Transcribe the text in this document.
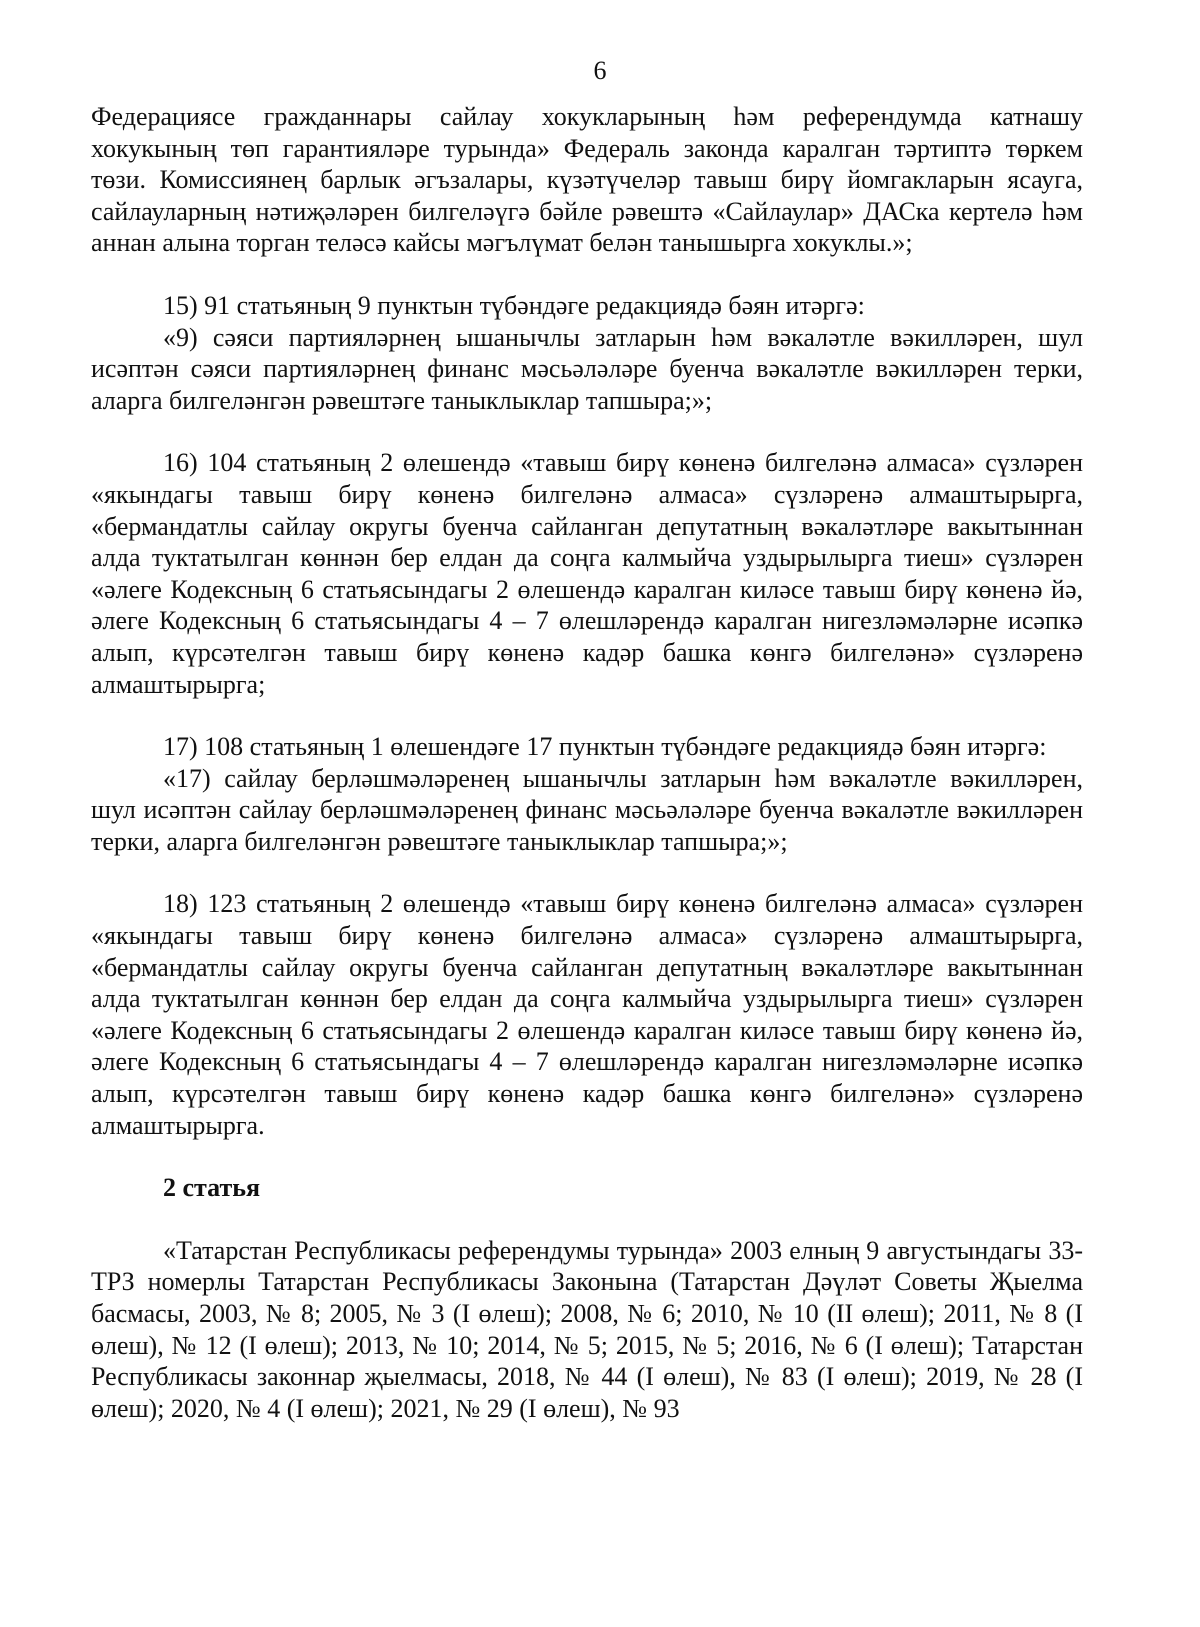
6

Федерациясе гражданнары сайлау хокукларының һәм референдумда катнашу хокукының төп гарантияләре турында» Федераль законда каралган тәртиптә төркем төзи. Комиссиянең барлык әгъзалары, күзәтүчеләр тавыш бирү йомгакларын ясауга, сайлауларның нәтиҗәләрен билгеләүгә бәйле рәвештә «Сайлаулар» ДАСка кертелә һәм аннан алына торган теләсә кайсы мәгълүмат белән танышырга хокуклы.»;

15) 91 статьяның 9 пунктын түбәндәге редакциядә бәян итәргә:

«9) сәяси партияләрнең ышанычлы затларын һәм вәкаләтле вәкилләрен, шул исәптән сәяси партияләрнең финанс мәсьәләләре буенча вәкаләтле вәкилләрен терки, аларга билгеләнгән рәвештәге таныклыклар тапшыра;»;

16) 104 статьяның 2 өлешендә «тавыш бирү көненә билгеләнә алмаса» сүзләрен «якындагы тавыш бирү көненә билгеләнә алмаса» сүзләренә алмаштырырга, «бермандатлы сайлау округы буенча сайланган депутатның вәкаләтләре вакытыннан алда туктатылган көннән бер елдан да соңга калмыйча уздырылырга тиеш» сүзләрен «әлеге Кодексның 6 статьясындагы 2 өлешендә каралган киләсе тавыш бирү көненә йә, әлеге Кодексның 6 статьясындагы 4 – 7 өлешләрендә каралган нигезләмәләрне исәпкә алып, күрсәтелгән тавыш бирү көненә кадәр башка көнгә билгеләнә» сүзләренә алмаштырырга;

17) 108 статьяның 1 өлешендәге 17 пунктын түбәндәге редакциядә бәян итәргә:

«17) сайлау берләшмәләренең ышанычлы затларын һәм вәкаләтле вәкилләрен, шул исәптән сайлау берләшмәләренең финанс мәсьәләләре буенча вәкаләтле вәкилләрен терки, аларга билгеләнгән рәвештәге таныклыклар тапшыра;»;

18) 123 статьяның 2 өлешендә «тавыш бирү көненә билгеләнә алмаса» сүзләрен «якындагы тавыш бирү көненә билгеләнә алмаса» сүзләренә алмаштырырга, «бермандатлы сайлау округы буенча сайланган депутатның вәкаләтләре вакытыннан алда туктатылган көннән бер елдан да соңга калмыйча уздырылырга тиеш» сүзләрен «әлеге Кодексның 6 статьясындагы 2 өлешендә каралган киләсе тавыш бирү көненә йә, әлеге Кодексның 6 статьясындагы 4 – 7 өлешләрендә каралган нигезләмәләрне исәпкә алып, күрсәтелгән тавыш бирү көненә кадәр башка көнгә билгеләнә» сүзләренә алмаштырырга.

2 статья

«Татарстан Республикасы референдумы турында» 2003 елның 9 августындагы 33-ТРЗ номерлы Татарстан Республикасы Законына (Татарстан Дәүләт Советы Җыелма басмасы, 2003, № 8; 2005, № 3 (I өлеш); 2008, № 6; 2010, № 10 (II өлеш); 2011, № 8 (I өлеш), № 12 (I өлеш); 2013, № 10; 2014, № 5; 2015, № 5; 2016, № 6 (I өлеш); Татарстан Республикасы законнар җыелмасы, 2018, № 44 (I өлеш), № 83 (I өлеш); 2019, № 28 (I өлеш); 2020, № 4 (I өлеш); 2021, № 29 (I өлеш), № 93
